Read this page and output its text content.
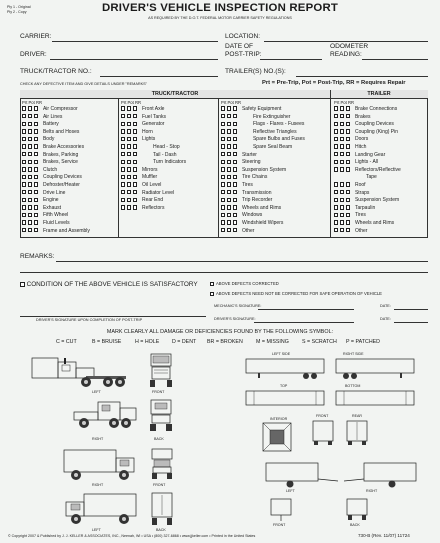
Ply 1 - Original
Ply 2 - Copy	DRIVER'S VEHICLE INSPECTION REPORT
AS REQUIRED BY THE D.O.T. FEDERAL MOTOR CARRIER SAFETY REGULATIONS
CARRIER:	LOCATION:
DATE OF
POST-TRIP:
ODOMETER
READING:
DRIVER:
TRUCK/TRACTOR NO.:	TRAILER(S) NO.(S):
CHECK ANY DEFECTIVE ITEM AND GIVE DETAILS UNDER "REMARKS"	Prt = Pre-Trip, Pot = Post-Trip, RR = Requires Repair
TRUCK/TRACTOR	TRAILER
Prt Pot RR	Prt Pot RR	Prt Pot RR	Prt Pot RR
Air Compressor
Air Lines
Battery
Belts and Hoses
Body
Brake Accessories
Brakes, Parking
Brakes, Service
Clutch
Coupling Devices
Defroster/Heater
Drive Line
Engine
Exhaust
Fifth Wheel
Fluid Levels
Frame and Assembly
Front Axle
Fuel Tanks
Generator
Horn
Lights
Head - Stop
Tail - Dash
Turn Indicators
Mirrors
Muffler
Oil Level
Radiator Level
Rear End
Reflectors
Safety Equipment
Fire Extinguisher
Flags - Flares - Fusees
Reflective Triangles
Spare Bulbs and Fuses
Spare Seal Beam
Starter
Steering
Suspension System
Tire Chains
Tires
Transmission
Trip Recorder
Wheels and Rims
Windows
Windshield Wipers
Other
Brake Connections
Brakes
Coupling Devices
Coupling (King) Pin
Doors
Hitch
Landing Gear
Lights - All
Reflectors/Reflective
Tape
Roof
Straps
Suspension System
Tarpaulin
Tires
Wheels and Rims
Other
REMARKS:
CONDITION OF THE ABOVE VEHICLE IS SATISFACTORY	ABOVE DEFECTS CORRECTED
ABOVE DEFECTS NEED NOT BE CORRECTED FOR SAFE OPERATION OF VEHICLE
MECHANIC'S SIGNATURE:	DATE:
DRIVER'S SIGNATURE UPON COMPLETION OF POST-TRIP	DRIVER'S SIGNATURE:	DATE:
MARK CLEARLY ALL DAMAGE OR DEFICIENCIES FOUND BY THE FOLLOWING SYMBOL:
C = CUT	B = BRUISE	H = HOLE D = DENT BR = BROKEN M = MISSING S = SCRATCH P = PATCHED
LEFT	FRONT
RIGHT	BACK
RIGHT	FRONT
LEFT	BACK
LEFT SIDE	RIGHT SIDE
TOP	BOTTOM
INTERIOR
FRONT	REAR
LEFT	RIGHT
FRONT	BACK
© Copyright 2007 & Published by J. J. KELLER & ASSOCIATES, INC., Neenah, WI • USA • (800) 327-6868 • www.jjkeller.com • Printed in the United States	730-B (Rev. 11/07) 11724
